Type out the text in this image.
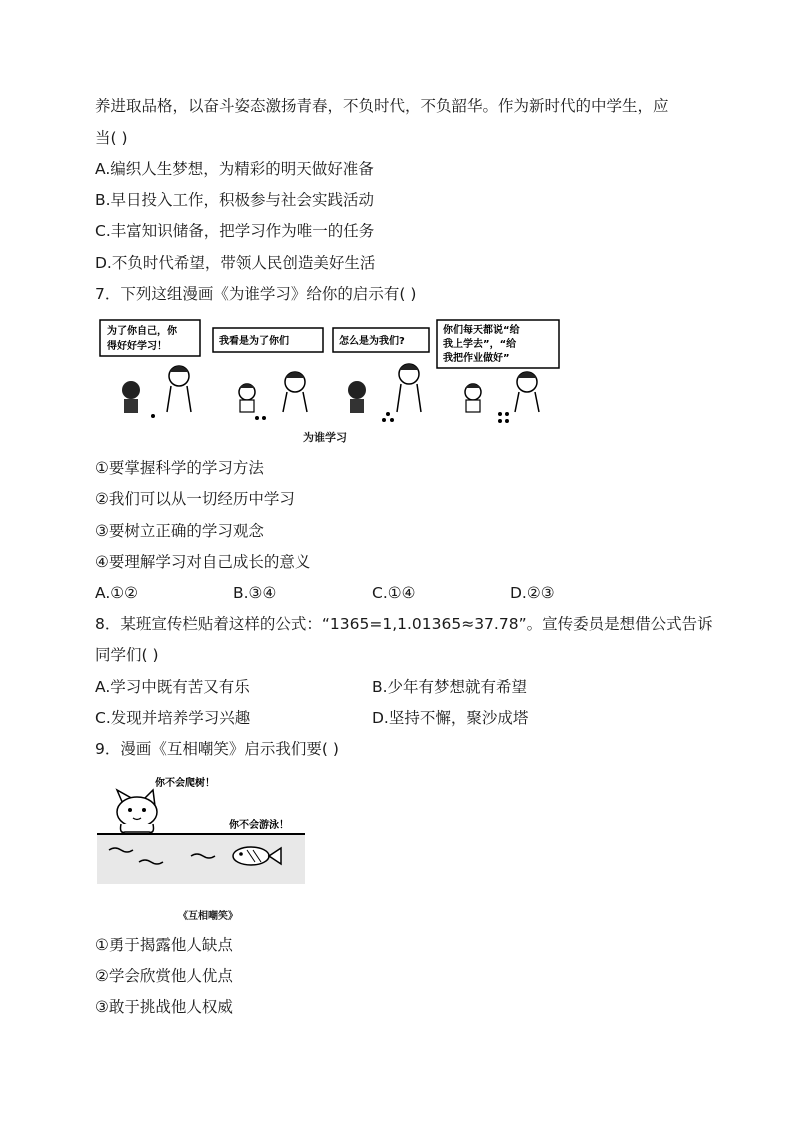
养进取品格，以奋斗姿态激扬青春，不负时代，不负韶华。作为新时代的中学生，应
当( )
A.编织人生梦想，为精彩的明天做好准备
B.早日投入工作，积极参与社会实践活动
C.丰富知识储备，把学习作为唯一的任务
D.不负时代希望，带领人民创造美好生活
7．下列这组漫画《为谁学习》给你的启示有( )
为了你自己，你
得好好学习！	我看是为了你们	怎么是为我们?
你们每天都说“给
我上学去”，“给
我把作业做好”
为谁学习
①要掌握科学的学习方法
②我们可以从一切经历中学习
③要树立正确的学习观念
④要理解学习对自己成长的意义
A.①②	B.③④	C.①④	D.②③
8．某班宣传栏贴着这样的公式：“1365=1,1.01365≈37.78”。宣传委员是想借公式告诉
同学们( )
A.学习中既有苦又有乐	B.少年有梦想就有希望
C.发现并培养学习兴趣	D.坚持不懈，聚沙成塔
9．漫画《互相嘲笑》启示我们要( )
你不会爬树！
你不会游泳！
《互相嘲笑》
①勇于揭露他人缺点
②学会欣赏他人优点
③敢于挑战他人权威
